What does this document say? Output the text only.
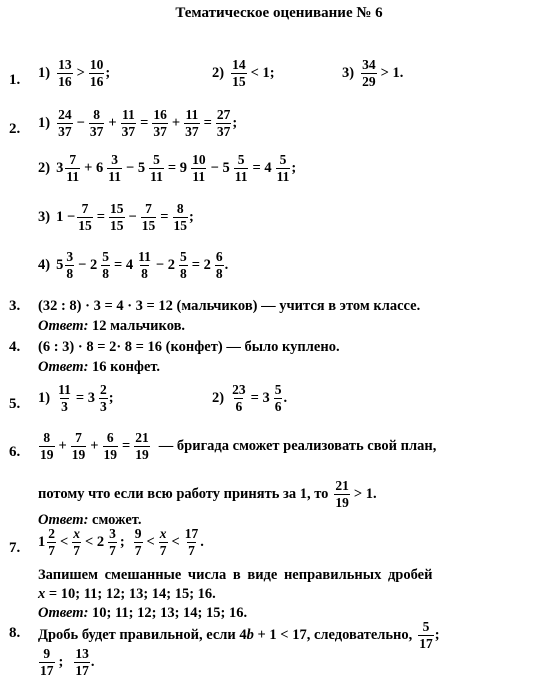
Тематическое оценивание № 6
1. $1) \frac{13}{16} > \frac{10}{16}$ ;	$2) \frac{14}{15} < 1$;	$3) \frac{34}{29} > 1$.
2. $1) \frac{24}{37} - \frac{8}{37} + \frac{11}{37} = \frac{16}{37} + \frac{11}{37} = \frac{27}{37}$ ;
2) $3 \frac{7}{11} + 6 \frac{3}{11} - 5 \frac{5}{11} = 9 \frac{10}{11} - 5 \frac{5}{11} = 4 \frac{5}{11}$ ;
3) $1 - \frac{7}{15} = \frac{15}{15} - \frac{7}{15} = \frac{8}{15}$ ;
4) $5 \frac{3}{8} - 2 \frac{5}{8} = 4 \frac{11}{8} - 2 \frac{5}{8} = 2 \frac{6}{8}$ .
3. (32 : 8) · 3 = 4 · 3 = 12 (мальчиков) — учится в этом классе.
Ответ:
12 мальчиков.
4. (6 : 3) · 8 = 2· 8 = 16 (конфет) — было куплено.
Ответ:
16 конфет.
5. $1) \frac{11}{3} = 3 \frac{2}{3}$ ;	$2) \frac{23}{6} = 3 \frac{5}{6}$ .
6. $\frac{8}{19} + \frac{7}{19} + \frac{6}{19} = \frac{21}{19}$ — бригада сможет реализовать свой план,
потому что если всю работу принять за 1, то $\frac{21}{19} > 1$.
Ответ:
сможет.
7. $1 \frac{2}{7} < \frac{x}{7} < 2 \frac{3}{7}$ ; $\frac{9}{7} < \frac{x}{7} < \frac{17}{7}$ .
Запишем смешанные числа в виде неправильных дробей
x
= 10; 11; 12; 13; 14; 15; 16.
Ответ:
10; 11; 12; 13; 14; 15; 16.
8. Дробь будет правильной, если 4 b
+ 1 < 17, следовательно, $\frac{5}{17}$ ;
$\frac{9}{17}$ ; $\frac{13}{17}$ .
